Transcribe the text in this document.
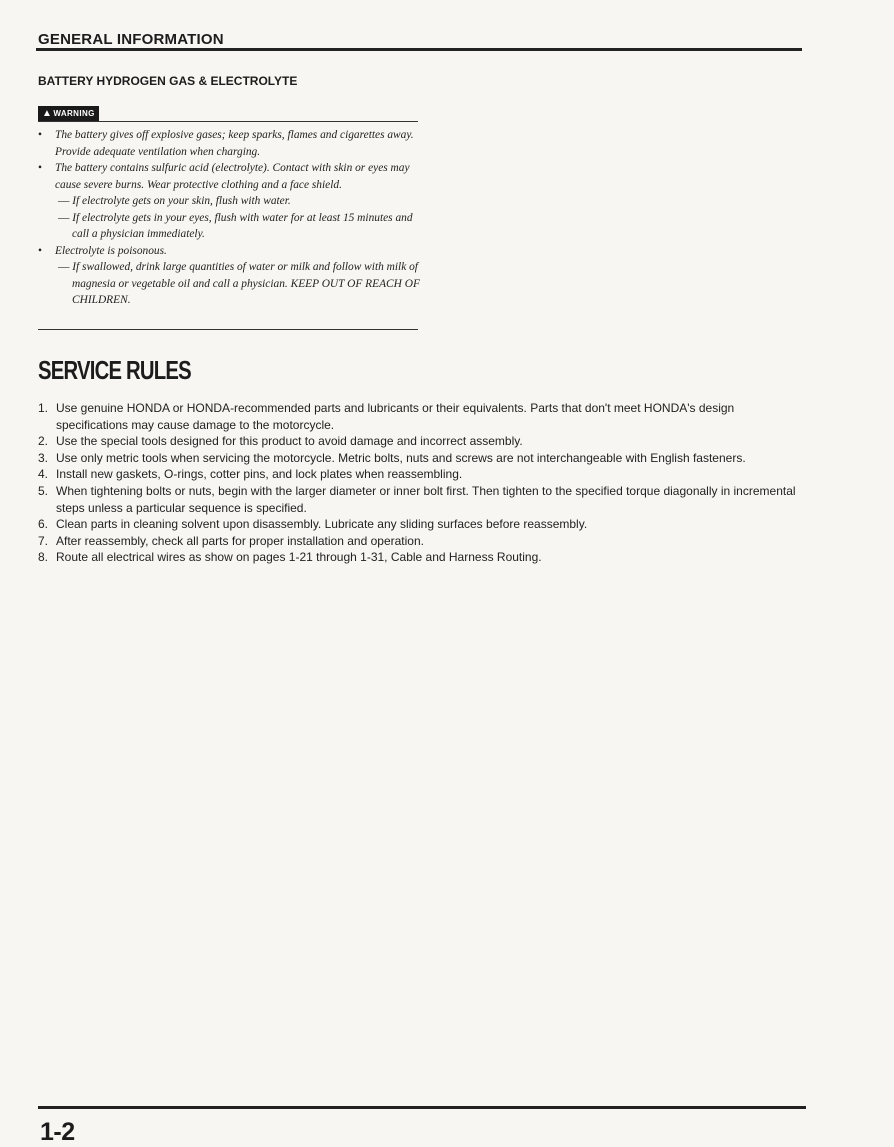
GENERAL INFORMATION
BATTERY HYDROGEN GAS & ELECTROLYTE
▲WARNING
• The battery gives off explosive gases; keep sparks, flames and cigarettes away. Provide adequate ventilation when charging.
• The battery contains sulfuric acid (electrolyte). Contact with skin or eyes may cause severe burns. Wear protective clothing and a face shield.
— If electrolyte gets on your skin, flush with water.
— If electrolyte gets in your eyes, flush with water for at least 15 minutes and call a physician immediately.
• Electrolyte is poisonous.
— If swallowed, drink large quantities of water or milk and follow with milk of magnesia or vegetable oil and call a physician. KEEP OUT OF REACH OF CHILDREN.
SERVICE RULES
1. Use genuine HONDA or HONDA-recommended parts and lubricants or their equivalents. Parts that don't meet HONDA's design specifications may cause damage to the motorcycle.
2. Use the special tools designed for this product to avoid damage and incorrect assembly.
3. Use only metric tools when servicing the motorcycle. Metric bolts, nuts and screws are not interchangeable with English fasteners.
4. Install new gaskets, O-rings, cotter pins, and lock plates when reassembling.
5. When tightening bolts or nuts, begin with the larger diameter or inner bolt first. Then tighten to the specified torque diagonally in incremental steps unless a particular sequence is specified.
6. Clean parts in cleaning solvent upon disassembly. Lubricate any sliding surfaces before reassembly.
7. After reassembly, check all parts for proper installation and operation.
8. Route all electrical wires as show on pages 1-21 through 1-31, Cable and Harness Routing.
1-2
